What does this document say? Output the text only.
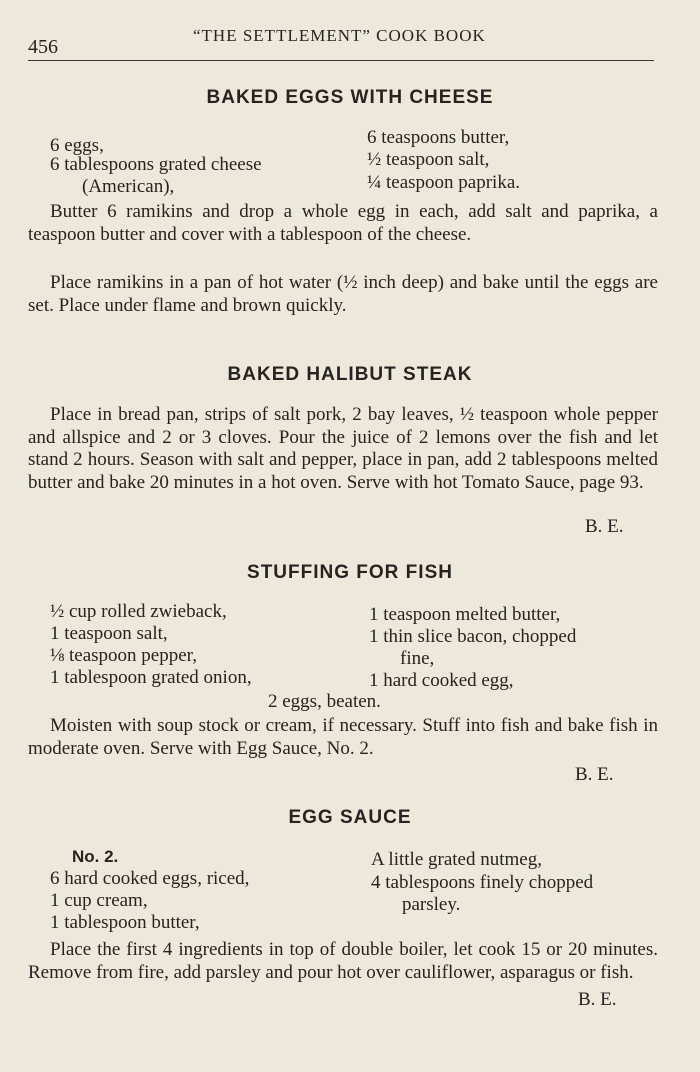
456
“THE SETTLEMENT” COOK BOOK
BAKED EGGS WITH CHEESE
6 eggs,
6 tablespoons grated cheese
(American),
6 teaspoons butter,
½ teaspoon salt,
¼ teaspoon paprika.
Butter 6 ramikins and drop a whole egg in each, add salt and paprika, a teaspoon butter and cover with a tablespoon of the cheese.
Place ramikins in a pan of hot water (½ inch deep) and bake until the eggs are set. Place under flame and brown quickly.
BAKED HALIBUT STEAK
Place in bread pan, strips of salt pork, 2 bay leaves, ½ teaspoon whole pepper and allspice and 2 or 3 cloves. Pour the juice of 2 lemons over the fish and let stand 2 hours. Season with salt and pepper, place in pan, add 2 tablespoons melted butter and bake 20 minutes in a hot oven. Serve with hot Tomato Sauce, page 93.
B. E.
STUFFING FOR FISH
½ cup rolled zwieback,
1 teaspoon salt,
⅛ teaspoon pepper,
1 tablespoon grated onion,
1 teaspoon melted butter,
1 thin slice bacon, chopped
fine,
1 hard cooked egg,
2 eggs, beaten.
Moisten with soup stock or cream, if necessary. Stuff into fish and bake fish in moderate oven. Serve with Egg Sauce, No. 2.
B. E.
EGG SAUCE
No. 2.
6 hard cooked eggs, riced,
1 cup cream,
1 tablespoon butter,
A little grated nutmeg,
4 tablespoons finely chopped
parsley.
Place the first 4 ingredients in top of double boiler, let cook 15 or 20 minutes. Remove from fire, add parsley and pour hot over cauliflower, asparagus or fish.
B. E.
